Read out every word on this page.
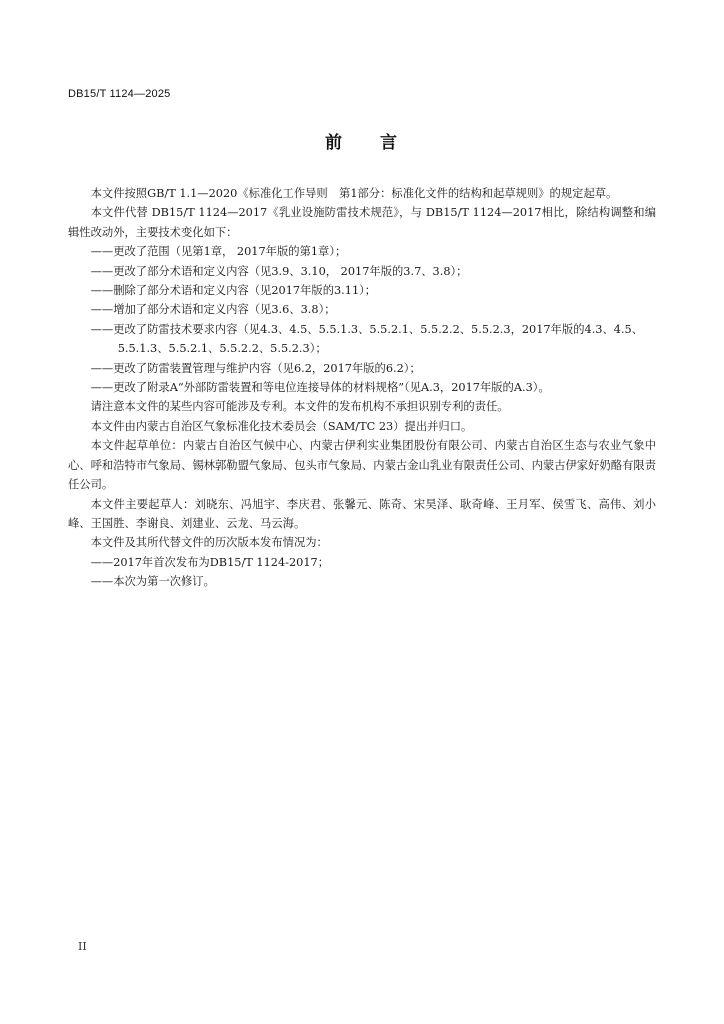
DB15/T 1124—2025
前 言

本文件按照GB/T 1.1—2020《标准化工作导则　第1部分：标准化文件的结构和起草规则》的规定起草。

本文件代替 DB15/T 1124—2017《乳业设施防雷技术规范》，与 DB15/T 1124—2017相比，除结构调整和编辑性改动外，主要技术变化如下：

——更改了范围（见第1章， 2017年版的第1章）；

——更改了部分术语和定义内容（见3.9、3.10， 2017年版的3.7、3.8）；

——删除了部分术语和定义内容（见2017年版的3.11）；

——增加了部分术语和定义内容（见3.6、3.8）；

——更改了防雷技术要求内容（见4.3、4.5、5.5.1.3、5.5.2.1、5.5.2.2、5.5.2.3，2017年版的4.3、4.5、5.5.1.3、5.5.2.1、5.5.2.2、5.5.2.3）；

——更改了防雷装置管理与维护内容（见6.2，2017年版的6.2）；

——更改了附录A“外部防雷装置和等电位连接导体的材料规格”（见A.3，2017年版的A.3）。

请注意本文件的某些内容可能涉及专利。本文件的发布机构不承担识别专利的责任。

本文件由内蒙古自治区气象标准化技术委员会（SAM/TC 23）提出并归口。

本文件起草单位：内蒙古自治区气候中心、内蒙古伊利实业集团股份有限公司、内蒙古自治区生态与农业气象中心、呼和浩特市气象局、锡林郭勒盟气象局、包头市气象局、内蒙古金山乳业有限责任公司、内蒙古伊家好奶酪有限责任公司。

本文件主要起草人：刘晓东、冯旭宇、李庆君、张馨元、陈奇、宋昊泽、耿奇峰、王月军、侯雪飞、高伟、刘小峰、王国胜、李谢良、刘建业、云龙、马云海。

本文件及其所代替文件的历次版本发布情况为：

——2017年首次发布为DB15/T 1124-2017；

——本次为第一次修订。

II
